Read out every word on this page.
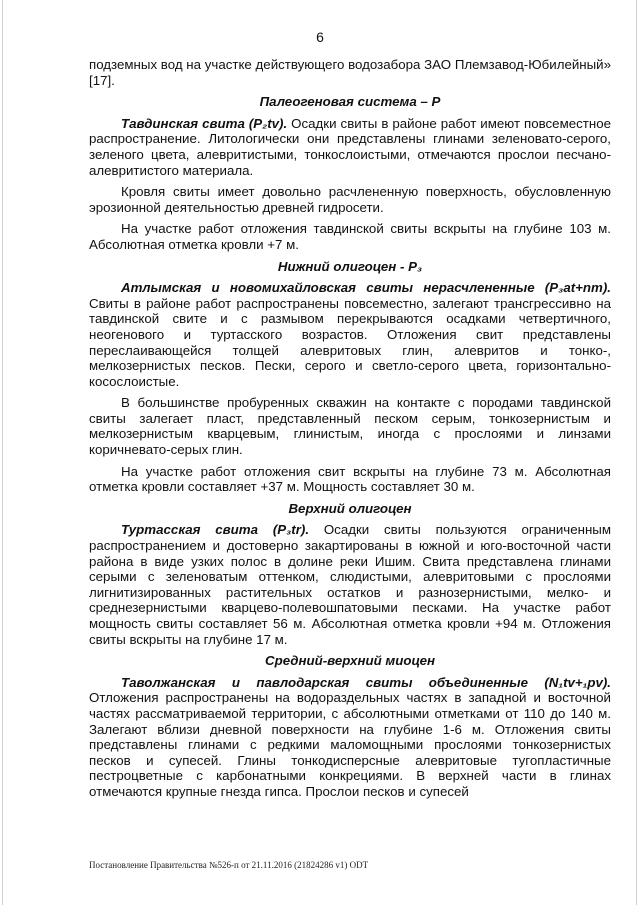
6

подземных вод на участке действующего водозабора ЗАО Племзавод-Юбилейный» [17].

Палеогеновая система – P

Тавдинская свита (P₂tv). Осадки свиты в районе работ имеют повсеместное распространение. Литологически они представлены глинами зеленовато-серого, зеленого цвета, алевритистыми, тонкослоистыми, отмечаются прослои песчано-алевритистого материала.

Кровля свиты имеет довольно расчлененную поверхность, обусловленную эрозионной деятельностью древней гидросети.

На участке работ отложения тавдинской свиты вскрыты на глубине 103 м. Абсолютная отметка кровли +7 м.

Нижний олигоцен - P₃

Атлымская и новомихайловская свиты нерасчлененные (P₃at+nm). Свиты в районе работ распространены повсеместно, залегают трансгрессивно на тавдинской свите и с размывом перекрываются осадками четвертичного, неогенового и туртасского возрастов. Отложения свит представлены переслаивающейся толщей алевритовых глин, алевритов и тонко-, мелкозернистых песков. Пески, серого и светло-серого цвета, горизонтально-косослоистые.

В большинстве пробуренных скважин на контакте с породами тавдинской свиты залегает пласт, представленный песком серым, тонкозернистым и мелкозернистым кварцевым, глинистым, иногда с прослоями и линзами коричневато-серых глин.

На участке работ отложения свит вскрыты на глубине 73 м. Абсолютная отметка кровли составляет +37 м. Мощность составляет 30 м.

Верхний олигоцен

Туртасская свита (P₃tr). Осадки свиты пользуются ограниченным распространением и достоверно закартированы в южной и юго-восточной части района в виде узких полос в долине реки Ишим. Свита представлена глинами серыми с зеленоватым оттенком, слюдистыми, алевритовыми с прослоями лигнитизированных растительных остатков и разнозернистыми, мелко- и среднезернистыми кварцево-полевошпатовыми песками. На участке работ мощность свиты составляет 56 м. Абсолютная отметка кровли +94 м. Отложения свиты вскрыты на глубине 17 м.

Средний-верхний миоцен

Таволжанская и павлодарская свиты объединенные (N₁tv+₁pv). Отложения распространены на водораздельных частях в западной и восточной частях рассматриваемой территории, с абсолютными отметками от 110 до 140 м. Залегают вблизи дневной поверхности на глубине 1-6 м. Отложения свиты представлены глинами с редкими маломощными прослоями тонкозернистых песков и супесей. Глины тонкодисперсные алевритовые тугопластичные пестроцветные с карбонатными конкрециями. В верхней части в глинах отмечаются крупные гнезда гипса. Прослои песков и супесей

Постановление Правительства №526-п от 21.11.2016 (21824286 v1) ODT
